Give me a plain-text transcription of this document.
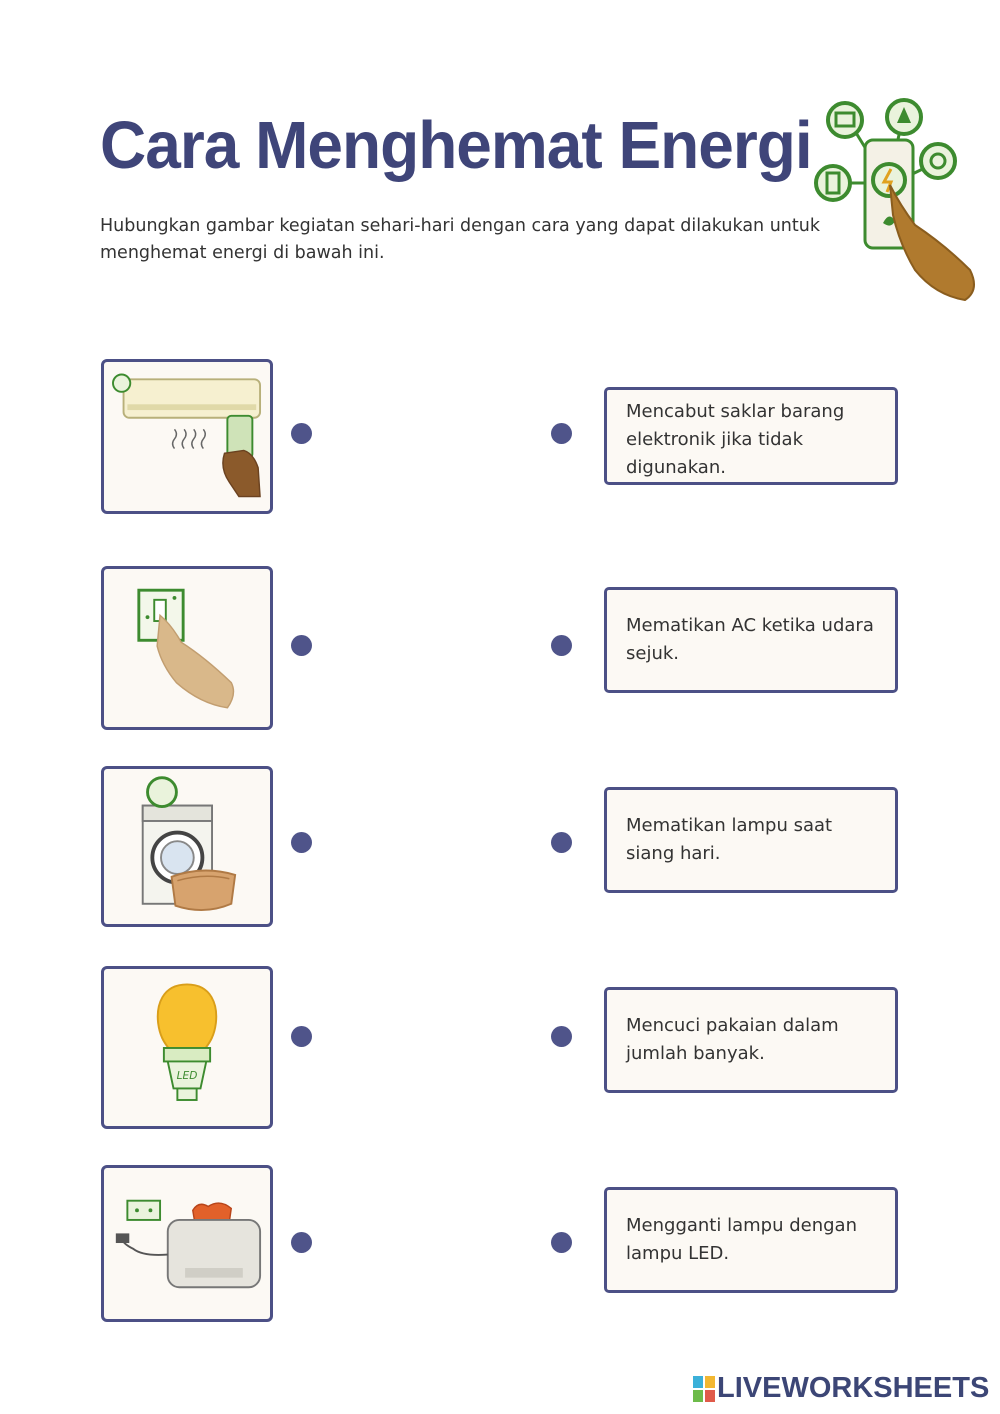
Cara Menghemat Energi

Hubungkan gambar kegiatan sehari-hari dengan cara yang dapat dilakukan untuk menghemat energi di bawah ini.

Mencabut saklar barang elektronik jika tidak digunakan.
Mematikan AC ketika udara sejuk.
Mematikan lampu saat siang hari.
LED
Mencuci pakaian dalam jumlah banyak.
Mengganti lampu dengan lampu LED.
LIVEWORKSHEETS
